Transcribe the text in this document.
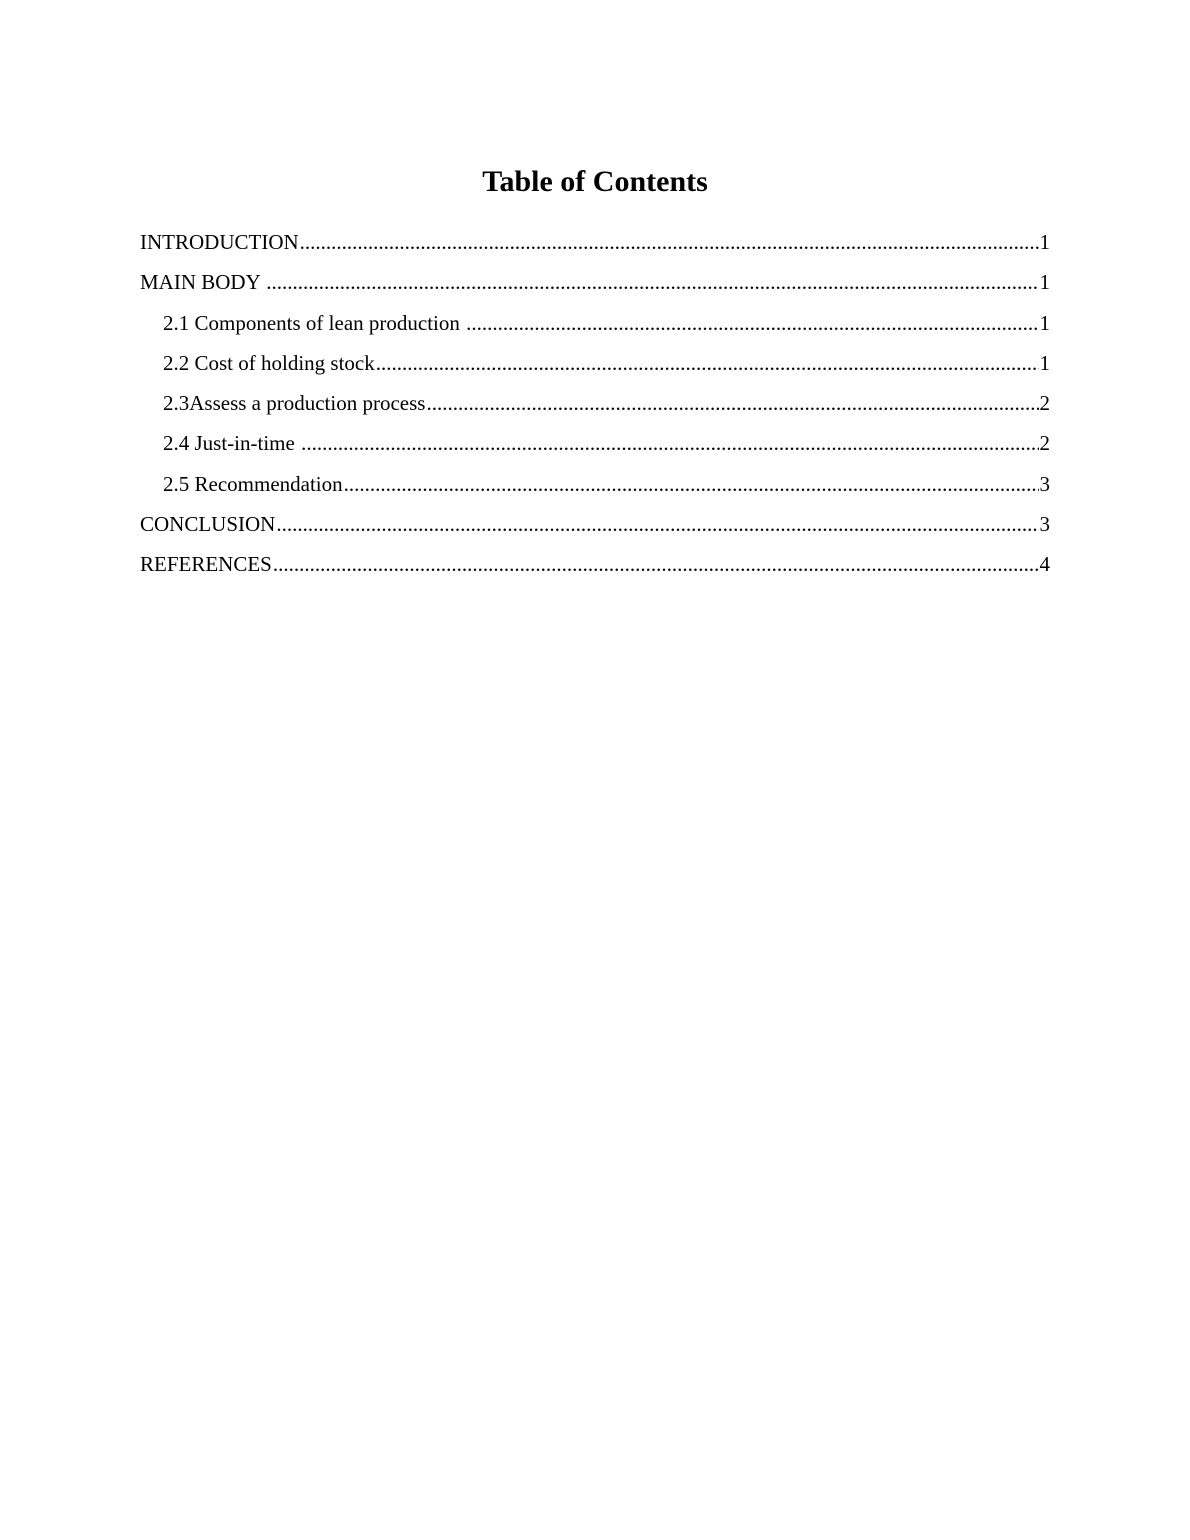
Table of Contents
INTRODUCTION .....	1
MAIN BODY .....	1
2.1 Components of lean production .....	1
2.2 Cost of holding stock .....	1
2.3Assess a production process .....	2
2.4 Just-in-time .....	2
2.5 Recommendation .....	3
CONCLUSION .....	3
REFERENCES .....	4
